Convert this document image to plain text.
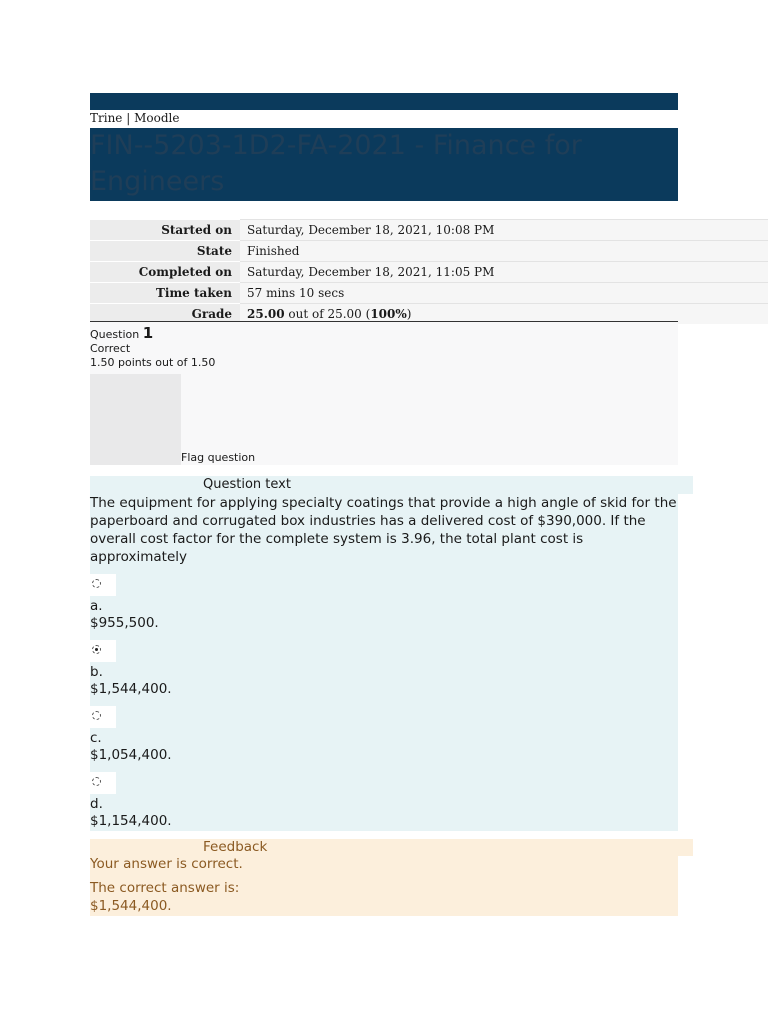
Trine | Moodle
FIN--5203-1D2-FA-2021 - Finance for Engineers
Started on	Saturday, December 18, 2021, 10:08 PM
State	Finished
Completed on	Saturday, December 18, 2021, 11:05 PM
Time taken	57 mins 10 secs
Grade	25.00 out of 25.00 (100%)
Question 1
Correct
1.50 points out of 1.50
Flag question
Question text
The equipment for applying specialty coatings that provide a high angle of skid for the paperboard and corrugated box industries has a delivered cost of $390,000. If the overall cost factor for the complete system is 3.96, the total plant cost is approximately
a.
$955,500.
b.
$1,544,400.
c.
$1,054,400.
d.
$1,154,400.
Feedback
Your answer is correct.
The correct answer is:
$1,544,400.
